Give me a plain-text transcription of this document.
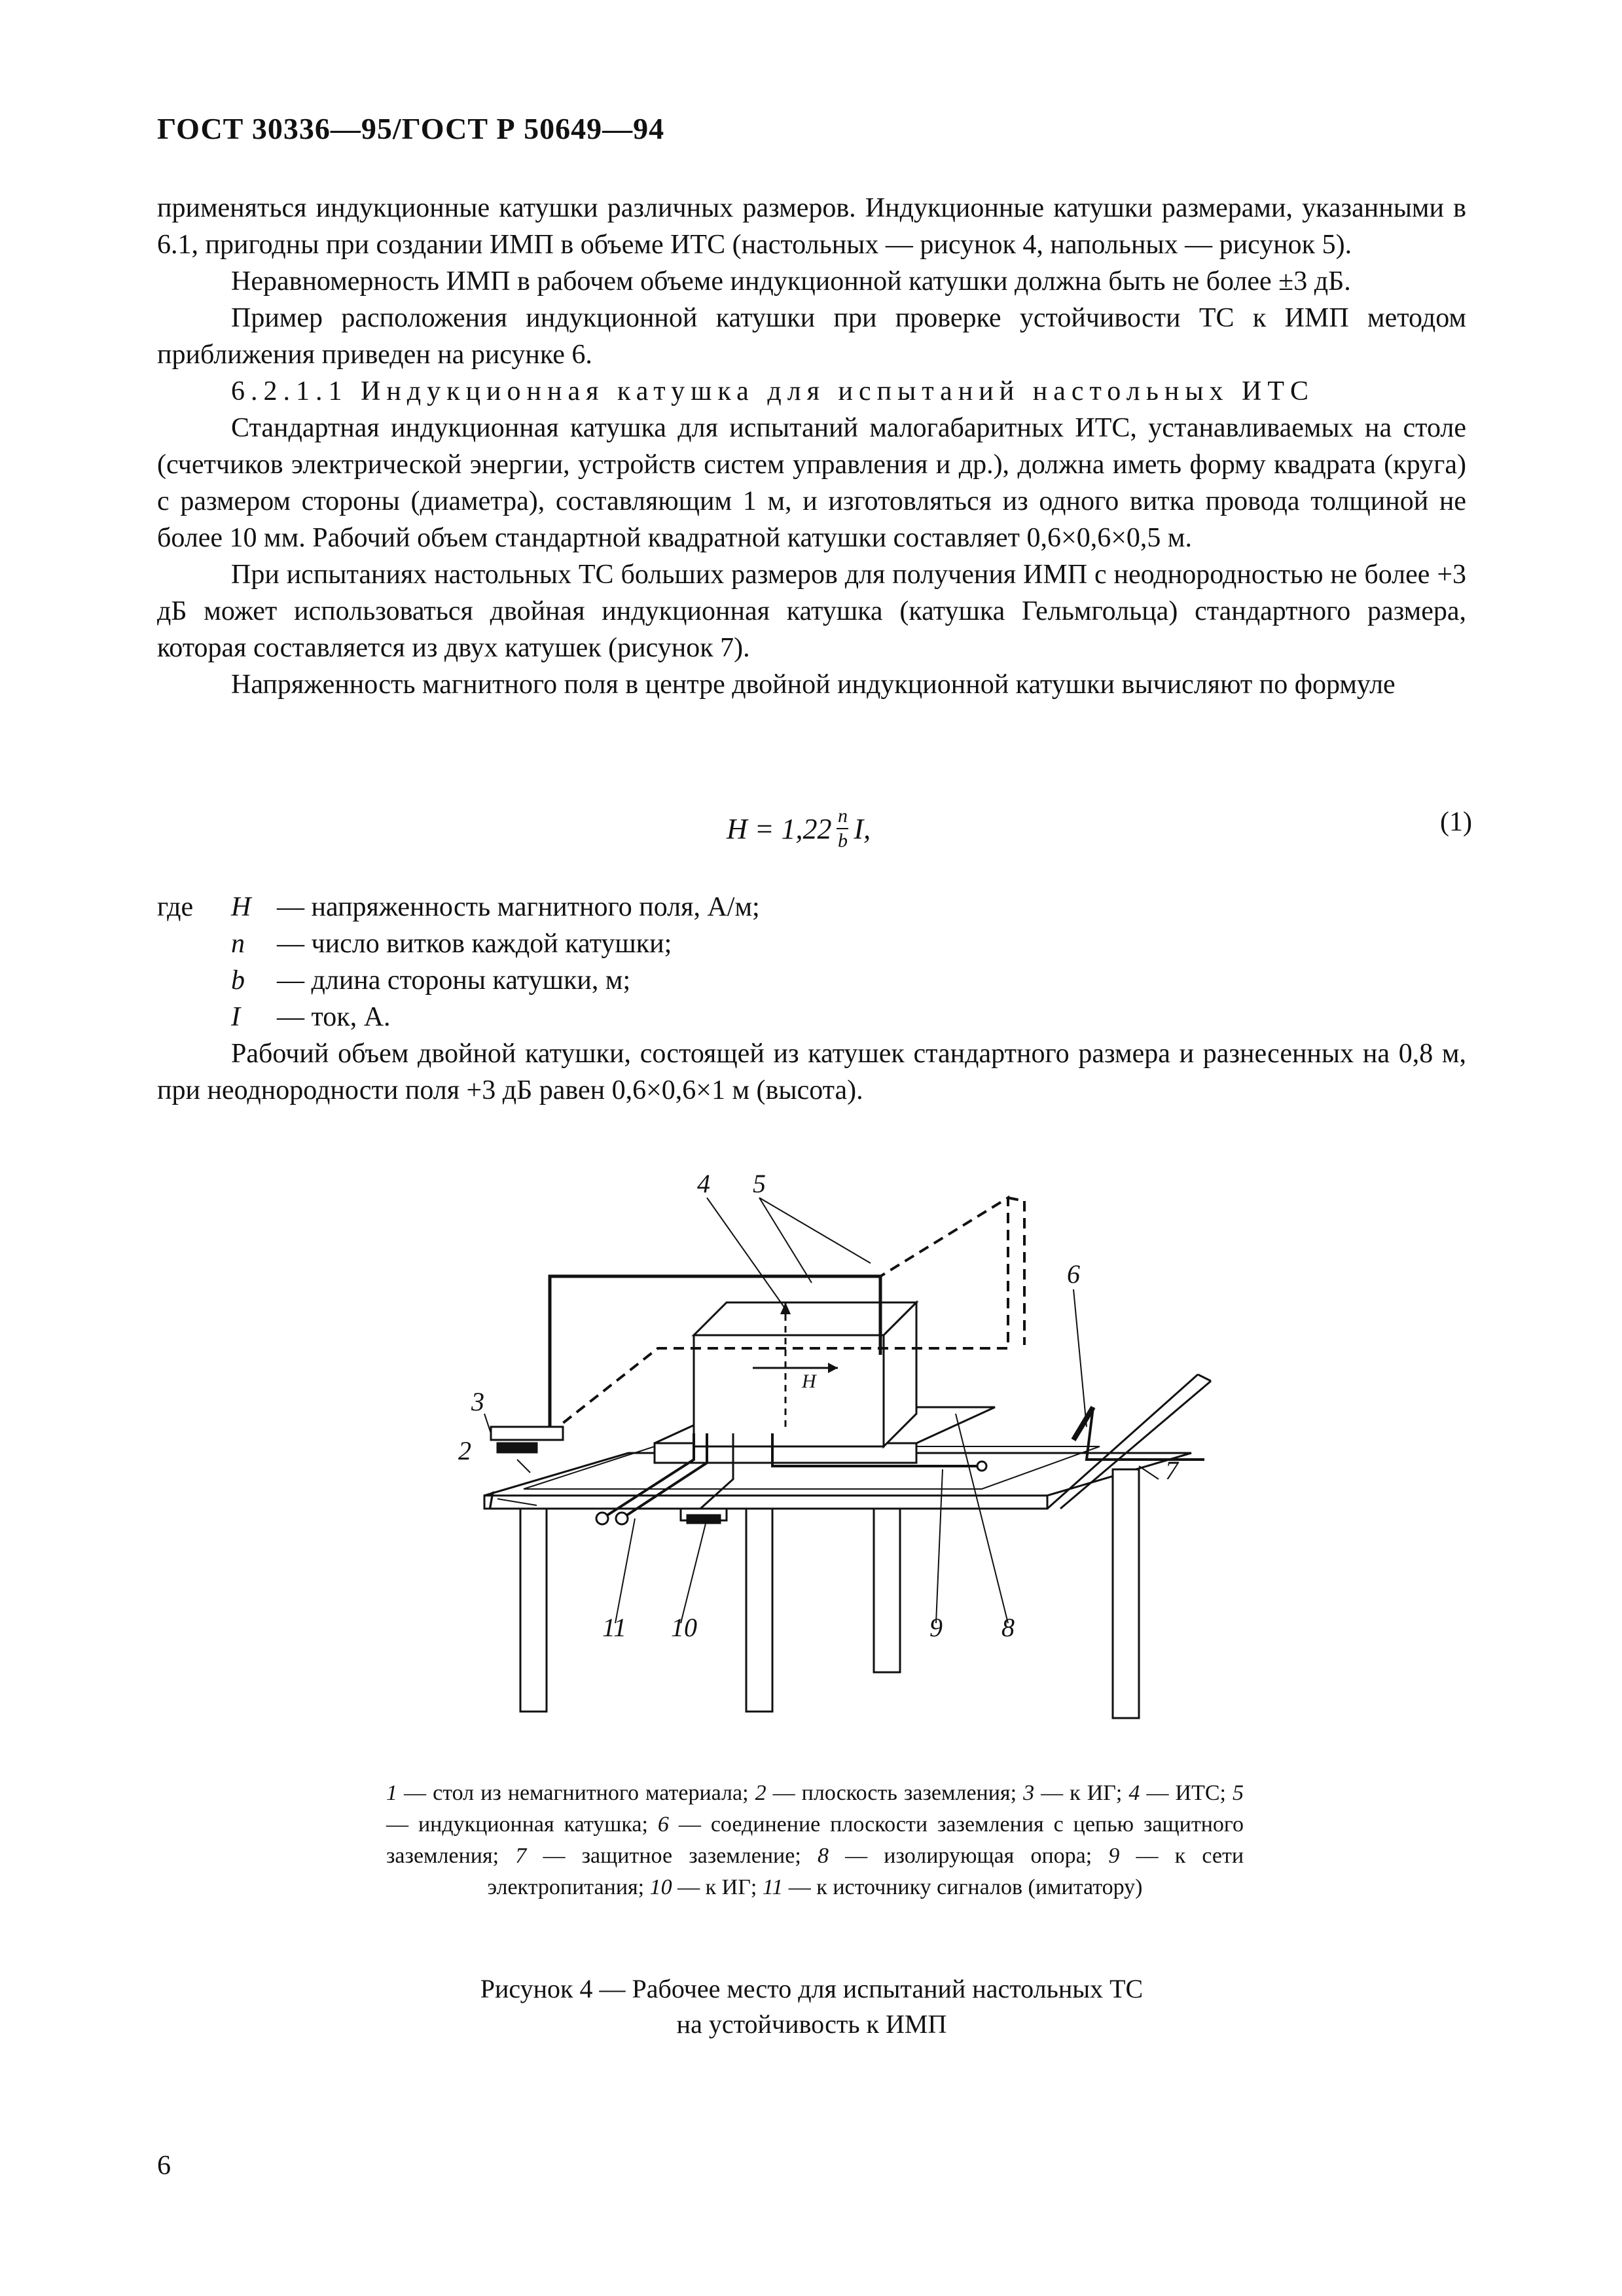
ГОСТ 30336—95/ГОСТ Р 50649—94

применяться индукционные катушки различных размеров. Индукционные катушки размерами, указанными в 6.1, пригодны при создании ИМП в объеме ИТС (настольных — рисунок 4, напольных — рисунок 5).

Неравномерность ИМП в рабочем объеме индукционной катушки должна быть не более ±3 дБ.

Пример расположения индукционной катушки при проверке устойчивости ТС к ИМП методом приближения приведен на рисунке 6.

6.2.1.1 Индукционная катушка для испытаний настольных ИТС

Стандартная индукционная катушка для испытаний малогабаритных ИТС, устанавливаемых на столе (счетчиков электрической энергии, устройств систем управления и др.), должна иметь форму квадрата (круга) с размером стороны (диаметра), составляющим 1 м, и изготовляться из одного витка провода толщиной не более 10 мм. Рабочий объем стандартной квадратной катушки составляет 0,6×0,6×0,5 м.

При испытаниях настольных ТС больших размеров для получения ИМП с неоднородностью не более +3 дБ может использоваться двойная индукционная катушка (катушка Гельмгольца) стандартного размера, которая составляется из двух катушек (рисунок 7).

Напряженность магнитного поля в центре двойной индукционной катушки вычисляют по формуле

$H = 1,22 \frac{n}{b} I$,	(1)
где	H — напряженность магнитного поля, А/м;
n	— число витков каждой катушки;
b	— длина стороны катушки, м;
I	— ток, А.

Рабочий объем двойной катушки, состоящей из катушек стандартного размера и разнесенных на 0,8 м, при неоднородности поля +3 дБ равен 0,6×0,6×1 м (высота).

H
4 5
6
3
2
1
7
8
9
10
11
1 — стол из немагнитного материала; 2 — плоскость заземления; 3 — к ИГ; 4 — ИТС; 5 — индукционная катушка; 6 — соединение плоскости заземления с цепью защитного заземления; 7 — защитное заземление; 8 — изолирующая опора; 9 — к сети электропитания; 10 — к ИГ; 11 — к источнику сигналов (имитатору)
Рисунок 4 — Рабочее место для испытаний настольных ТС
на устойчивость к ИМП
6
